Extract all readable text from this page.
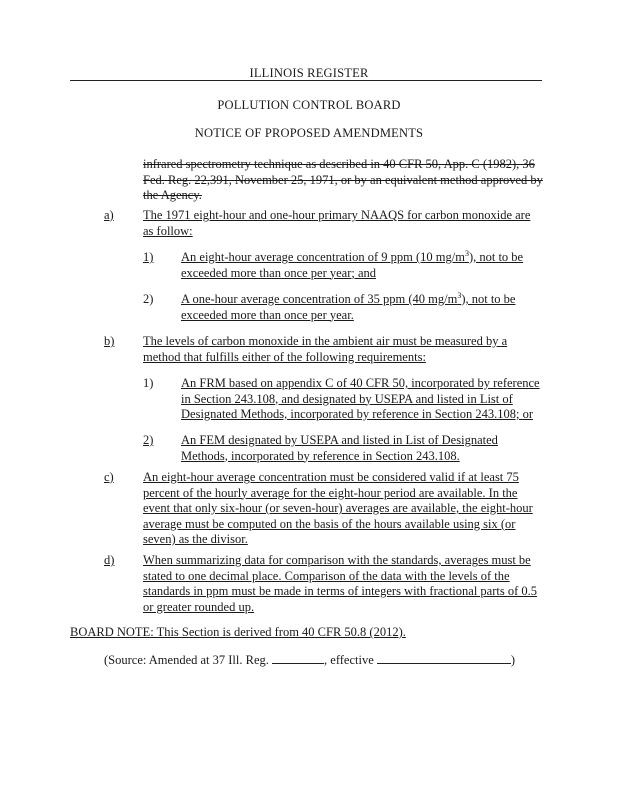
ILLINOIS REGISTER
POLLUTION CONTROL BOARD
NOTICE OF PROPOSED AMENDMENTS
infrared spectrometry technique as described in 40 CFR 50, App. C (1982), 36 Fed. Reg. 22,391, November 25, 1971, or by an equivalent method approved by the Agency.
a)	The 1971 eight-hour and one-hour primary NAAQS for carbon monoxide are as follow:
1)	An eight-hour average concentration of 9 ppm (10 $mg/m^3$), not to be exceeded more than once per year; and
2)	A one-hour average concentration of 35 ppm (40 $mg/m^3$), not to be exceeded more than once per year.
b)	The levels of carbon monoxide in the ambient air must be measured by a method that fulfills either of the following requirements:
1)	An FRM based on appendix C of 40 CFR 50, incorporated by reference in Section 243.108, and designated by USEPA and listed in List of Designated Methods, incorporated by reference in Section 243.108; or
2)	An FEM designated by USEPA and listed in List of Designated Methods, incorporated by reference in Section 243.108.
c)	An eight-hour average concentration must be considered valid if at least 75 percent of the hourly average for the eight-hour period are available. In the event that only six-hour (or seven-hour) averages are available, the eight-hour average must be computed on the basis of the hours available using six (or seven) as the divisor.
d)	When summarizing data for comparison with the standards, averages must be stated to one decimal place. Comparison of the data with the levels of the standards in ppm must be made in terms of integers with fractional parts of 0.5 or greater rounded up.
BOARD NOTE: This Section is derived from 40 CFR 50.8 (2012).
(Source: Amended at 37 Ill. Reg.	, effective	)
